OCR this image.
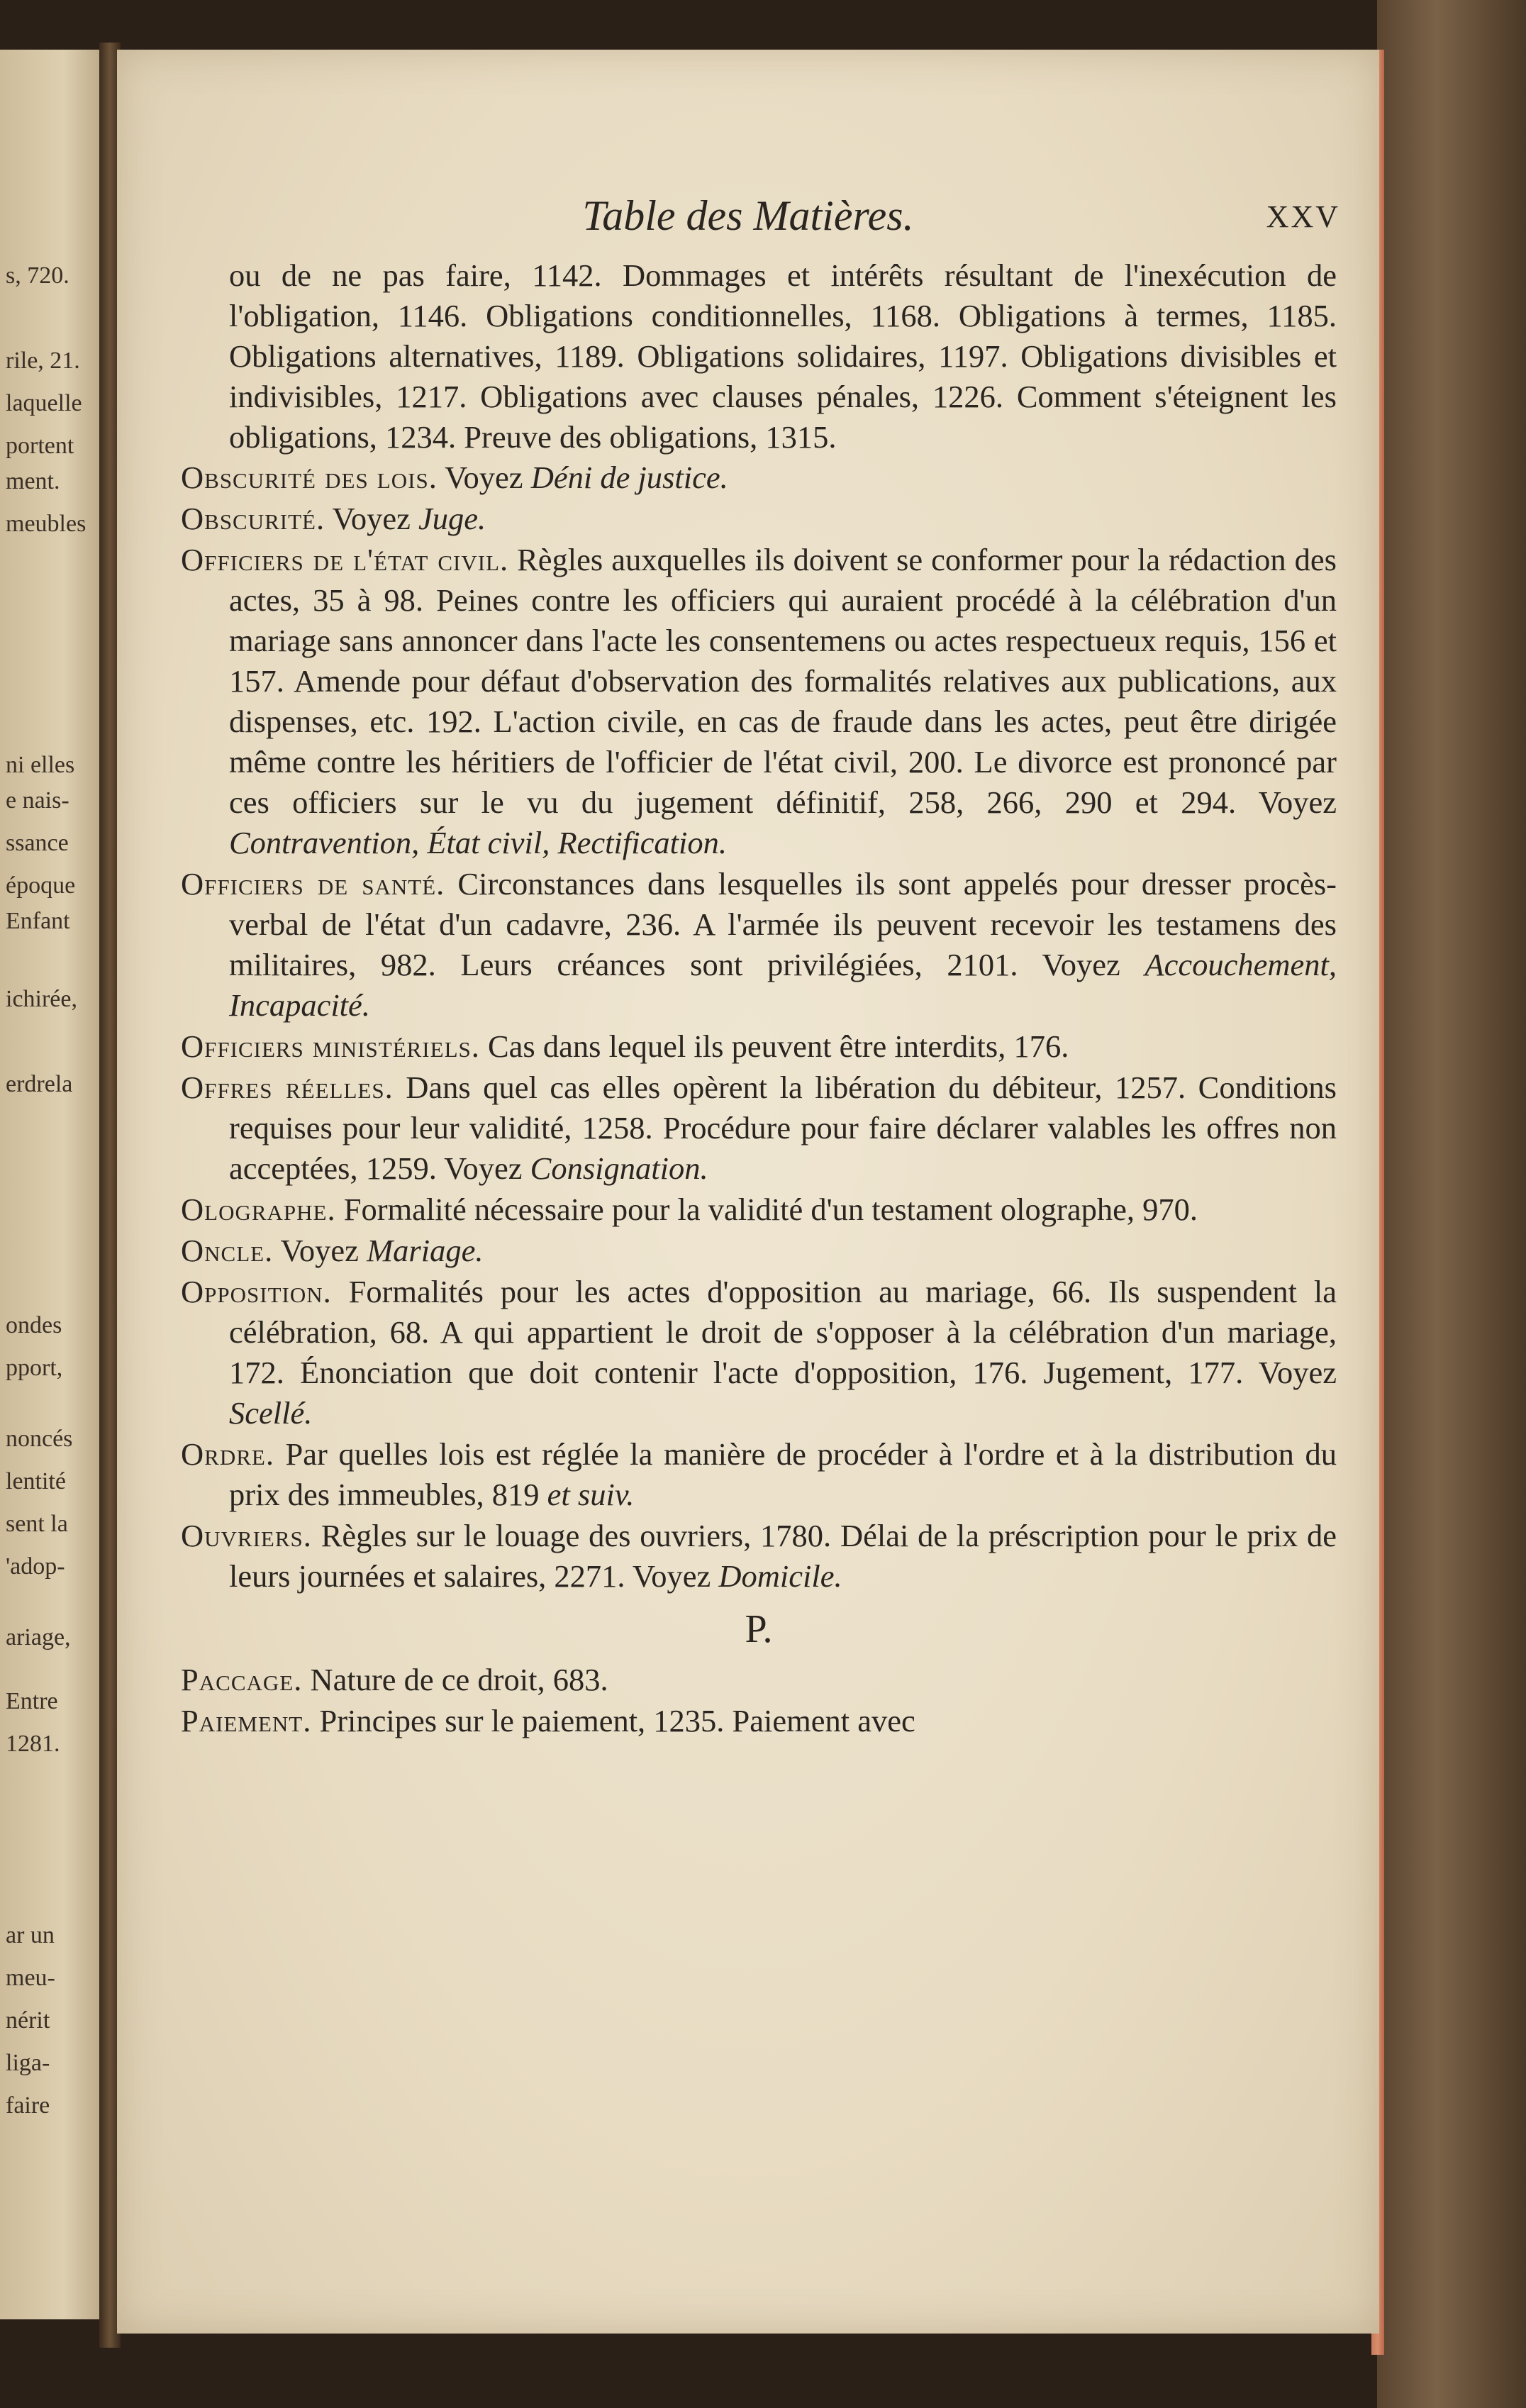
s, 720.
rile, 21.
laquelle
portent
ment.
meubles
ni elles
e nais-
ssance
époque
Enfant
ichirée,
erdrela
ondes
pport,
noncés
lentité
sent la
'adop-
ariage,
Entre
1281.
ar un
meu-
nérit
liga-
faire
Table des Matières.	XXV
ou de ne pas faire, 1142. Dommages et intérêts résultant de l'inexécution de l'obligation, 1146. Obligations conditionnelles, 1168. Obligations à termes, 1185. Obligations alternatives, 1189. Obligations solidaires, 1197. Obligations divisibles et indivisibles, 1217. Obligations avec clauses pénales, 1226. Comment s'éteignent les obligations, 1234. Preuve des obligations, 1315.
Obscurité des lois. Voyez Déni de justice.
Obscurité. Voyez Juge.
Officiers de l'état civil. Règles auxquelles ils doivent se conformer pour la rédaction des actes, 35 à 98. Peines contre les officiers qui auraient procédé à la célébration d'un mariage sans annoncer dans l'acte les consentemens ou actes respectueux requis, 156 et 157. Amende pour défaut d'observation des formalités relatives aux publications, aux dispenses, etc. 192. L'action civile, en cas de fraude dans les actes, peut être dirigée même contre les héritiers de l'officier de l'état civil, 200. Le divorce est prononcé par ces officiers sur le vu du jugement définitif, 258, 266, 290 et 294. Voyez Contravention, État civil, Rectification.
Officiers de santé. Circonstances dans lesquelles ils sont appelés pour dresser procès-verbal de l'état d'un cadavre, 236. A l'armée ils peuvent recevoir les testamens des militaires, 982. Leurs créances sont privilégiées, 2101. Voyez Accouchement, Incapacité.
Officiers ministériels. Cas dans lequel ils peuvent être interdits, 176.
Offres réelles. Dans quel cas elles opèrent la libération du débiteur, 1257. Conditions requises pour leur validité, 1258. Procédure pour faire déclarer valables les offres non acceptées, 1259. Voyez Consignation.
Olographe. Formalité nécessaire pour la validité d'un testament olographe, 970.
Oncle. Voyez Mariage.
Opposition. Formalités pour les actes d'opposition au mariage, 66. Ils suspendent la célébration, 68. A qui appartient le droit de s'opposer à la célébration d'un mariage, 172. Énonciation que doit contenir l'acte d'opposition, 176. Jugement, 177. Voyez Scellé.
Ordre. Par quelles lois est réglée la manière de procéder à l'ordre et à la distribution du prix des immeubles, 819 et suiv.
Ouvriers. Règles sur le louage des ouvriers, 1780. Délai de la préscription pour le prix de leurs journées et salaires, 2271. Voyez Domicile.
P.
Paccage. Nature de ce droit, 683.
Paiement. Principes sur le paiement, 1235. Paiement avec
